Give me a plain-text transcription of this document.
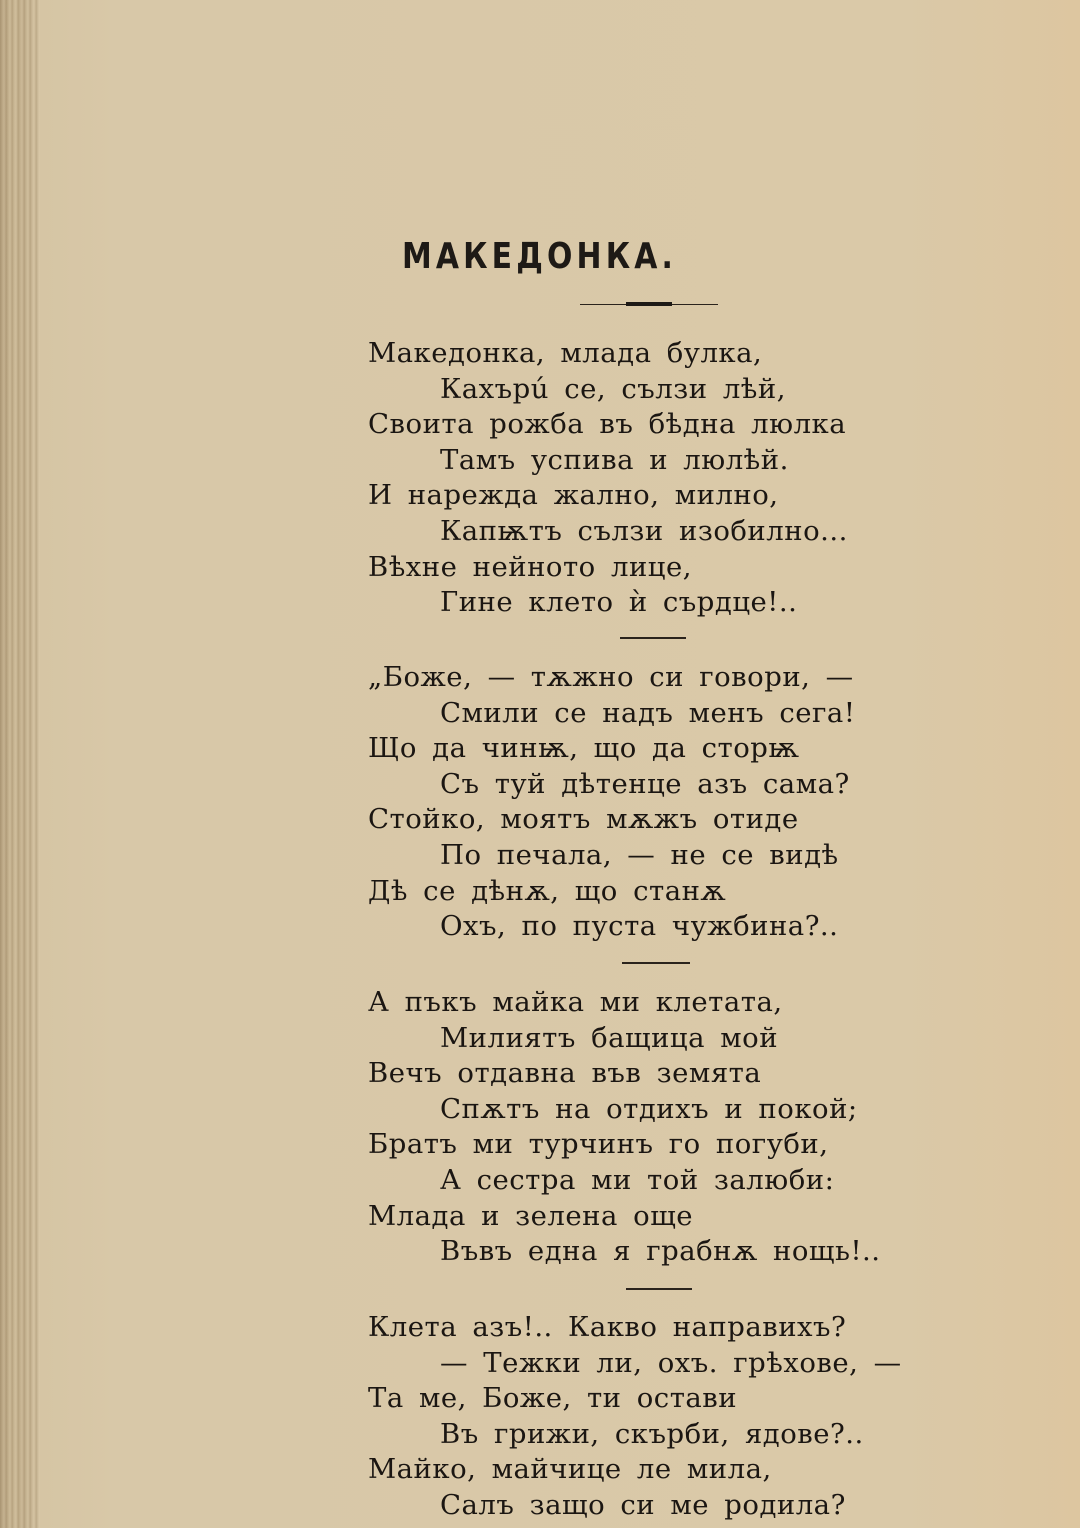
МАКЕДОНКА.
Македонка, млада булка,
Кахърú се, сълзи лѣй,
Своита рожба въ бѣдна люлка
Тамъ успива и люлѣй.
И нарежда жално, милно,
Капѭтъ сълзи изобилно...
Вѣхне нейното лице,
Гине клето ѝ сърдце!..
„Боже, — тѫжно си говори, —
Смили се надъ менъ сега!
Що да чинѭ, що да сторѭ
Съ туй дѣтенце азъ сама?
Стойко, моятъ мѫжъ отиде
По печала, — не се видѣ
Дѣ се дѣнѫ, що станѫ
Охъ, по пуста чужбина?..
А пъкъ майка ми клетата,
Милиятъ бащица мой
Вечъ отдавна във земята
Спѫтъ на отдихъ и покой;
Братъ ми турчинъ го погуби,
А сестра ми той залюби:
Млада и зелена още
Въвъ една я грабнѫ нощь!..
Клета азъ!.. Какво направихъ?
— Тежки ли, охъ. грѣхове, —
Та ме, Боже, ти остави
Въ грижи, скърби, ядове?..
Майко, майчице ле мила,
Салъ защо си ме родила?
